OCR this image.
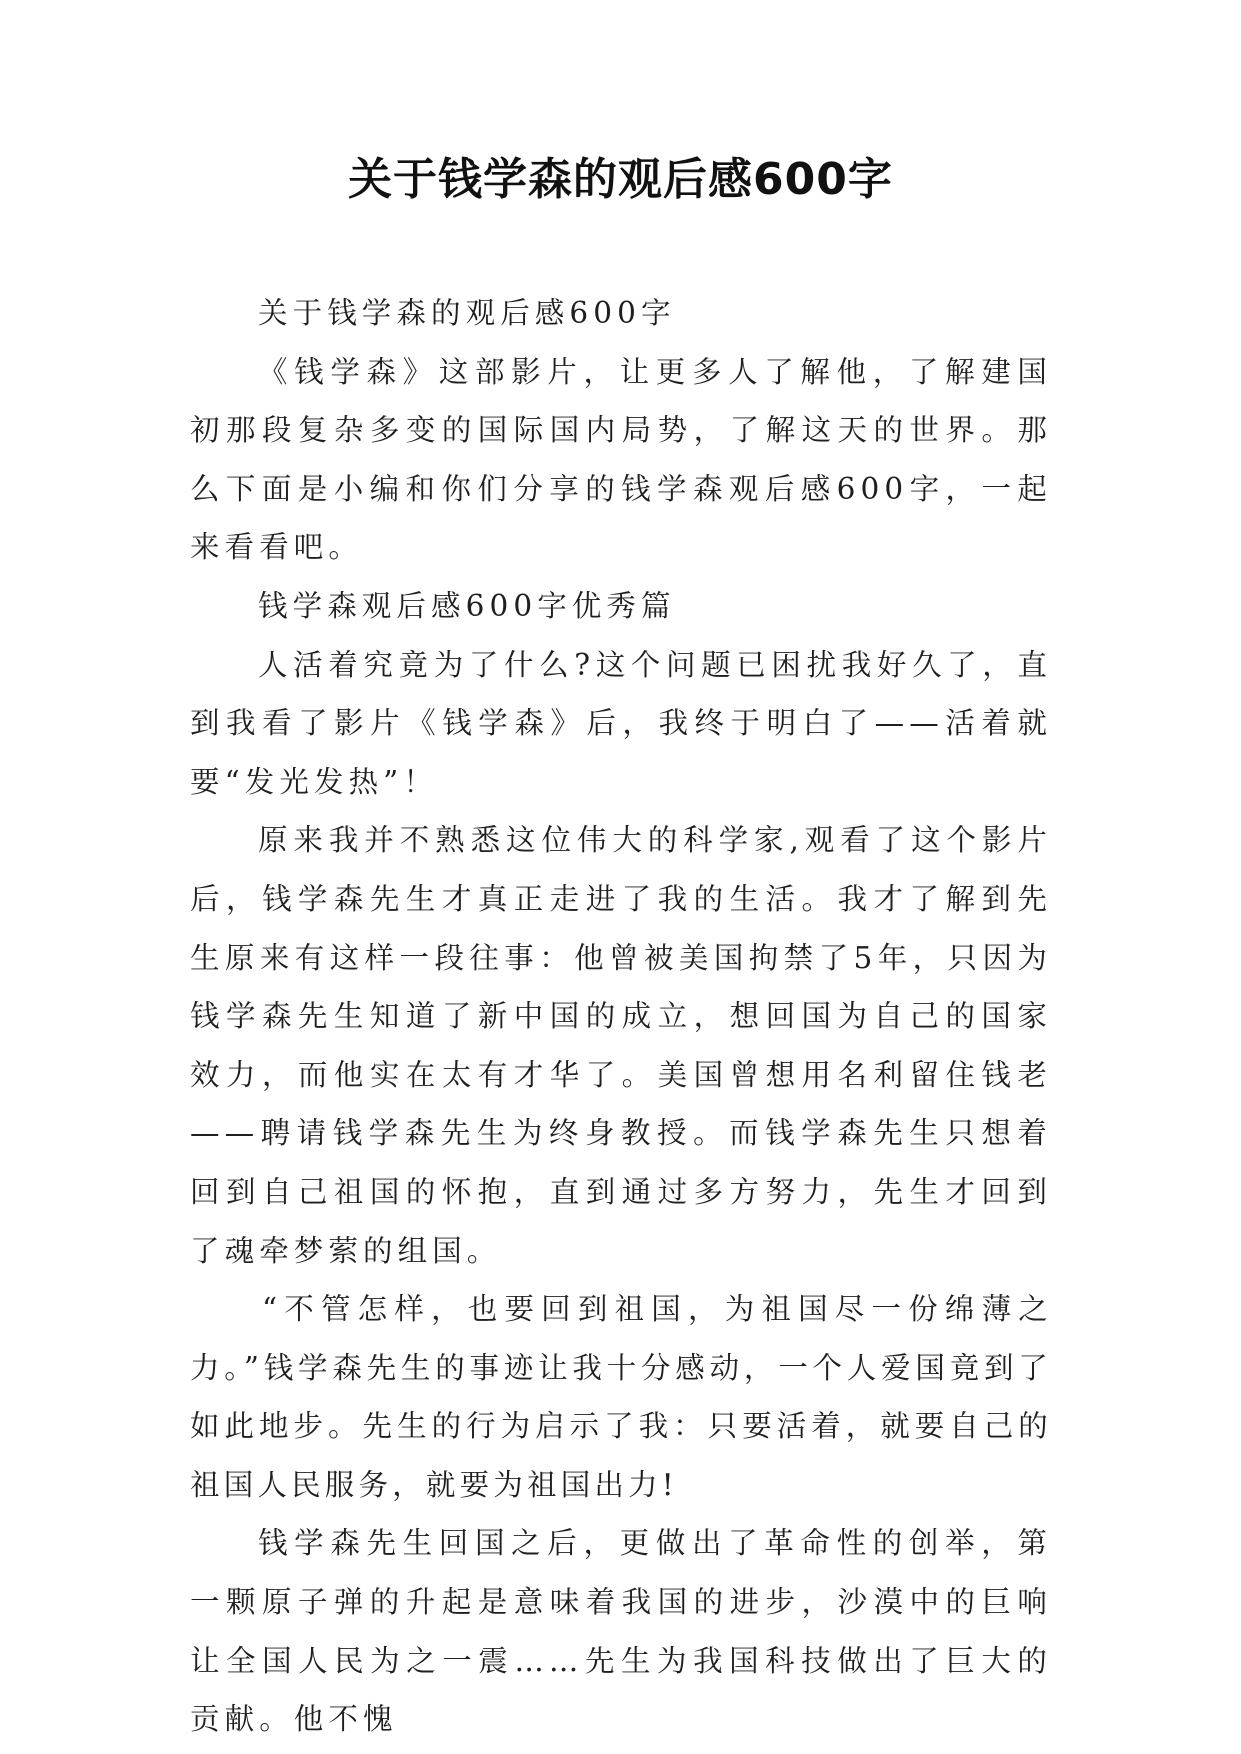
关于钱学森的观后感600字

关于钱学森的观后感600字

《钱学森》这部影片，让更多人了解他，了解建国初那段复杂多变的国际国内局势，了解这天的世界。那么下面是小编和你们分享的钱学森观后感600字，一起来看看吧。

钱学森观后感600字优秀篇

人活着究竟为了什么?这个问题已困扰我好久了，直到我看了影片《钱学森》后，我终于明白了——活着就要“发光发热”！

原来我并不熟悉这位伟大的科学家,观看了这个影片后，钱学森先生才真正走进了我的生活。我才了解到先生原来有这样一段往事：他曾被美国拘禁了5年，只因为钱学森先生知道了新中国的成立，想回国为自己的国家效力，而他实在太有才华了。美国曾想用名利留住钱老——聘请钱学森先生为终身教授。而钱学森先生只想着回到自己祖国的怀抱，直到通过多方努力，先生才回到了魂牵梦萦的组国。

“不管怎样，也要回到祖国，为祖国尽一份绵薄之力。”钱学森先生的事迹让我十分感动，一个人爱国竟到了如此地步。先生的行为启示了我：只要活着，就要自己的祖国人民服务，就要为祖国出力!

钱学森先生回国之后，更做出了革命性的创举，第一颗原子弹的升起是意味着我国的进步，沙漠中的巨响让全国人民为之一震……先生为我国科技做出了巨大的贡献。他不愧
